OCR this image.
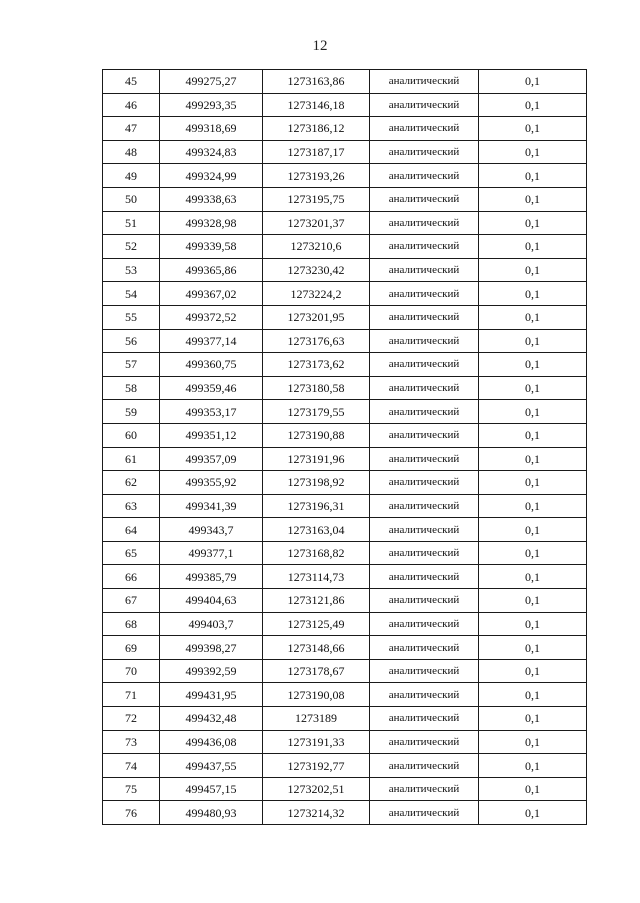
12
45	499275,27	1273163,86	аналитический	0,1
46	499293,35	1273146,18	аналитический	0,1
47	499318,69	1273186,12	аналитический	0,1
48	499324,83	1273187,17	аналитический	0,1
49	499324,99	1273193,26	аналитический	0,1
50	499338,63	1273195,75	аналитический	0,1
51	499328,98	1273201,37	аналитический	0,1
52	499339,58	1273210,6	аналитический	0,1
53	499365,86	1273230,42	аналитический	0,1
54	499367,02	1273224,2	аналитический	0,1
55	499372,52	1273201,95	аналитический	0,1
56	499377,14	1273176,63	аналитический	0,1
57	499360,75	1273173,62	аналитический	0,1
58	499359,46	1273180,58	аналитический	0,1
59	499353,17	1273179,55	аналитический	0,1
60	499351,12	1273190,88	аналитический	0,1
61	499357,09	1273191,96	аналитический	0,1
62	499355,92	1273198,92	аналитический	0,1
63	499341,39	1273196,31	аналитический	0,1
64	499343,7	1273163,04	аналитический	0,1
65	499377,1	1273168,82	аналитический	0,1
66	499385,79	1273114,73	аналитический	0,1
67	499404,63	1273121,86	аналитический	0,1
68	499403,7	1273125,49	аналитический	0,1
69	499398,27	1273148,66	аналитический	0,1
70	499392,59	1273178,67	аналитический	0,1
71	499431,95	1273190,08	аналитический	0,1
72	499432,48	1273189	аналитический	0,1
73	499436,08	1273191,33	аналитический	0,1
74	499437,55	1273192,77	аналитический	0,1
75	499457,15	1273202,51	аналитический	0,1
76	499480,93	1273214,32	аналитический	0,1
